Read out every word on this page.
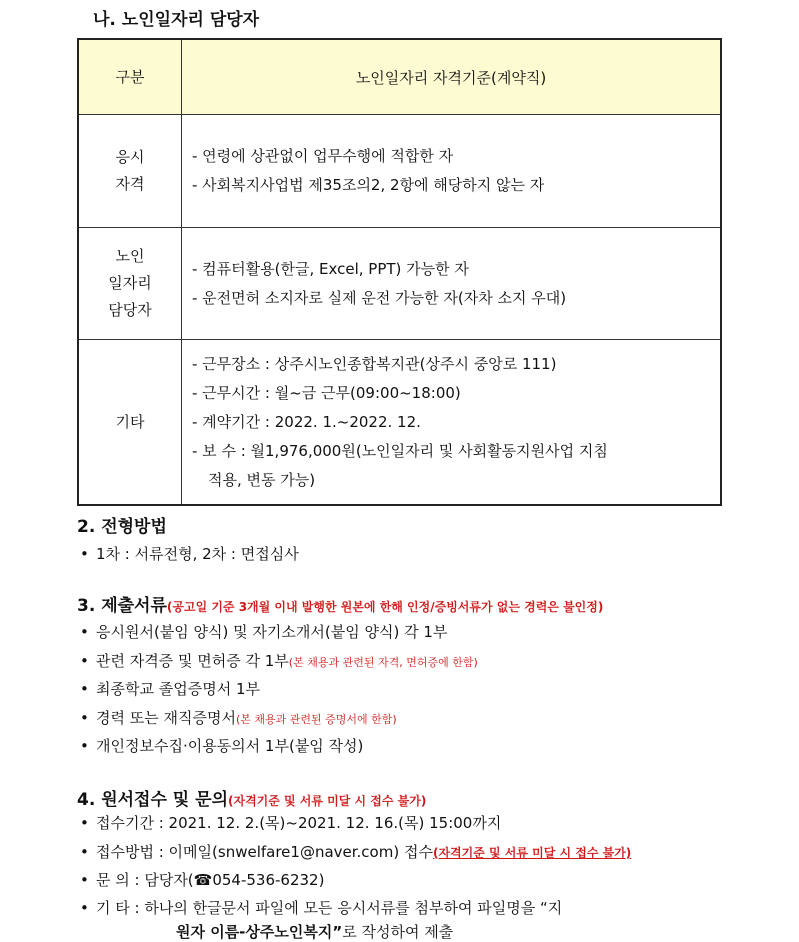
나. 노인일자리 담당자
구분	노인일자리 자격기준(계약직)

응시
자격	- 연령에 상관없이 업무수행에 적합한 자
- 사회복지사업법 제35조의2, 2항에 해당하지 않는 자

노인
일자리
담당자	- 컴퓨터활용(한글, Excel, PPT) 가능한 자
- 운전면허 소지자로 실제 운전 가능한 자(자차 소지 우대)

기타	- 근무장소 : 상주시노인종합복지관(상주시 중앙로 111)
- 근무시간 : 월~금 근무(09:00~18:00)
- 계약기간 : 2022. 1.~2022. 12.
- 보 수 : 월1,976,000원(노인일자리 및 사회활동지원사업 지침
적용, 변동 가능)
2. 전형방법
• 1차 : 서류전형, 2차 : 면접심사
3. 제출서류(공고일 기준 3개월 이내 발행한 원본에 한해 인정/증빙서류가 없는 경력은 불인정)
• 응시원서(붙임 양식) 및 자기소개서(붙임 양식) 각 1부
• 관련 자격증 및 면허증 각 1부(본 채용과 관련된 자격, 면허증에 한함)
• 최종학교 졸업증명서 1부
• 경력 또는 재직증명서(본 채용과 관련된 증명서에 한함)
• 개인정보수집·이용동의서 1부(붙임 작성)
4. 원서접수 및 문의(자격기준 및 서류 미달 시 접수 불가)
• 접수기간 : 2021. 12. 2.(목)~2021. 12. 16.(목) 15:00까지
• 접수방법 : 이메일(snwelfare1@naver.com) 접수(자격기준 및 서류 미달 시 접수 불가)
• 문 의 : 담당자(☎054-536-6232)
• 기 타 : 하나의 한글문서 파일에 모든 응시서류를 첨부하여 파일명을 “지
원자 이름-상주노인복지”로 작성하여 제출
